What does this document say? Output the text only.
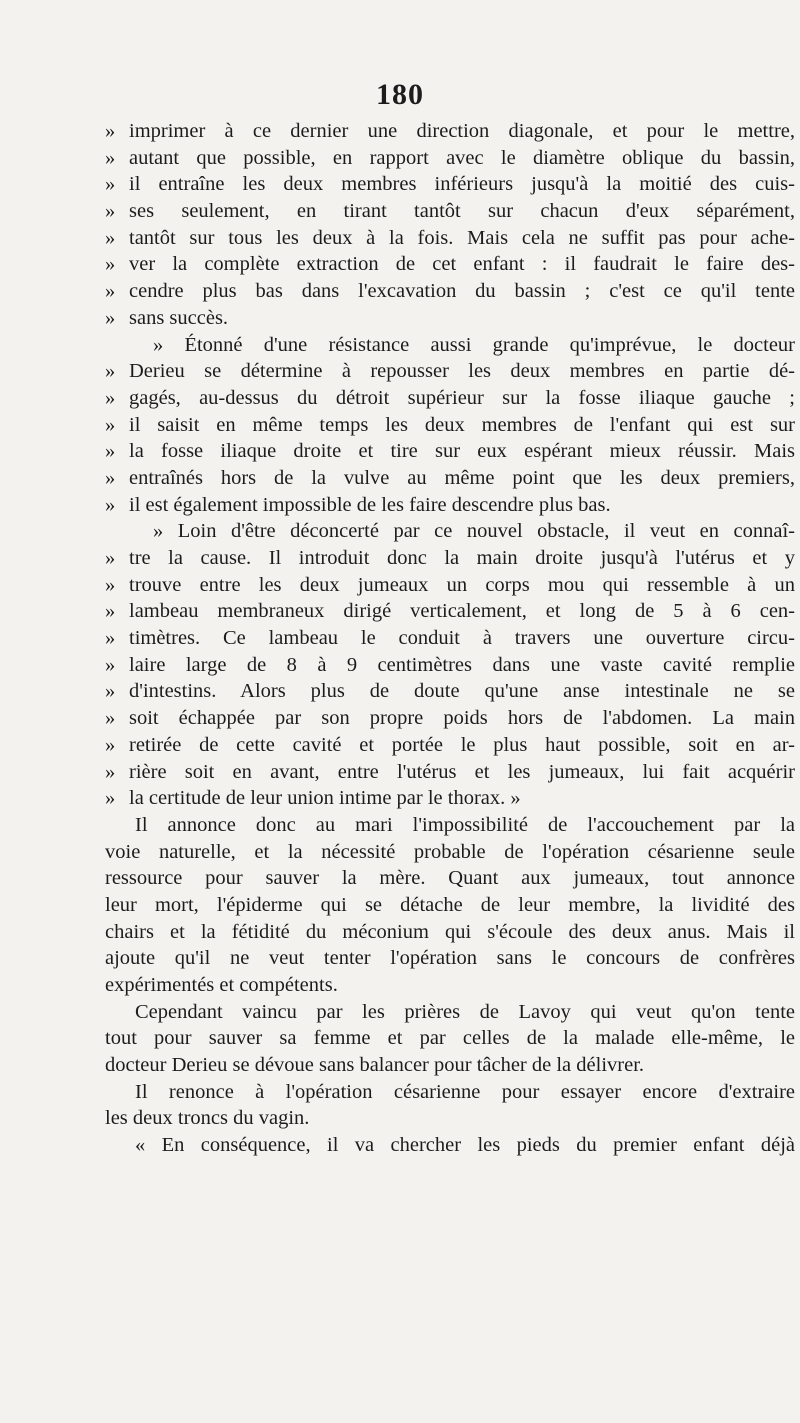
180
» imprimer à ce dernier une direction diagonale, et pour le mettre,
» autant que possible, en rapport avec le diamètre oblique du bassin,
» il entraîne les deux membres inférieurs jusqu'à la moitié des cuis-
» ses seulement, en tirant tantôt sur chacun d'eux séparément,
» tantôt sur tous les deux à la fois. Mais cela ne suffit pas pour ache-
» ver la complète extraction de cet enfant : il faudrait le faire des-
» cendre plus bas dans l'excavation du bassin ; c'est ce qu'il tente
» sans succès.
» Étonné d'une résistance aussi grande qu'imprévue, le docteur
» Derieu se détermine à repousser les deux membres en partie dé-
» gagés, au-dessus du détroit supérieur sur la fosse iliaque gauche ;
» il saisit en même temps les deux membres de l'enfant qui est sur
» la fosse iliaque droite et tire sur eux espérant mieux réussir. Mais
» entraînés hors de la vulve au même point que les deux premiers,
» il est également impossible de les faire descendre plus bas.
» Loin d'être déconcerté par ce nouvel obstacle, il veut en connaî-
» tre la cause. Il introduit donc la main droite jusqu'à l'utérus et y
» trouve entre les deux jumeaux un corps mou qui ressemble à un
» lambeau membraneux dirigé verticalement, et long de 5 à 6 cen-
» timètres. Ce lambeau le conduit à travers une ouverture circu-
» laire large de 8 à 9 centimètres dans une vaste cavité remplie
» d'intestins. Alors plus de doute qu'une anse intestinale ne se
» soit échappée par son propre poids hors de l'abdomen. La main
» retirée de cette cavité et portée le plus haut possible, soit en ar-
» rière soit en avant, entre l'utérus et les jumeaux, lui fait acquérir
» la certitude de leur union intime par le thorax. »
Il annonce donc au mari l'impossibilité de l'accouchement par la
voie naturelle, et la nécessité probable de l'opération césarienne seule
ressource pour sauver la mère. Quant aux jumeaux, tout annonce
leur mort, l'épiderme qui se détache de leur membre, la lividité des
chairs et la fétidité du méconium qui s'écoule des deux anus. Mais il
ajoute qu'il ne veut tenter l'opération sans le concours de confrères
expérimentés et compétents.
Cependant vaincu par les prières de Lavoy qui veut qu'on tente
tout pour sauver sa femme et par celles de la malade elle-même, le
docteur Derieu se dévoue sans balancer pour tâcher de la délivrer.
Il renonce à l'opération césarienne pour essayer encore d'extraire
les deux troncs du vagin.
« En conséquence, il va chercher les pieds du premier enfant déjà
